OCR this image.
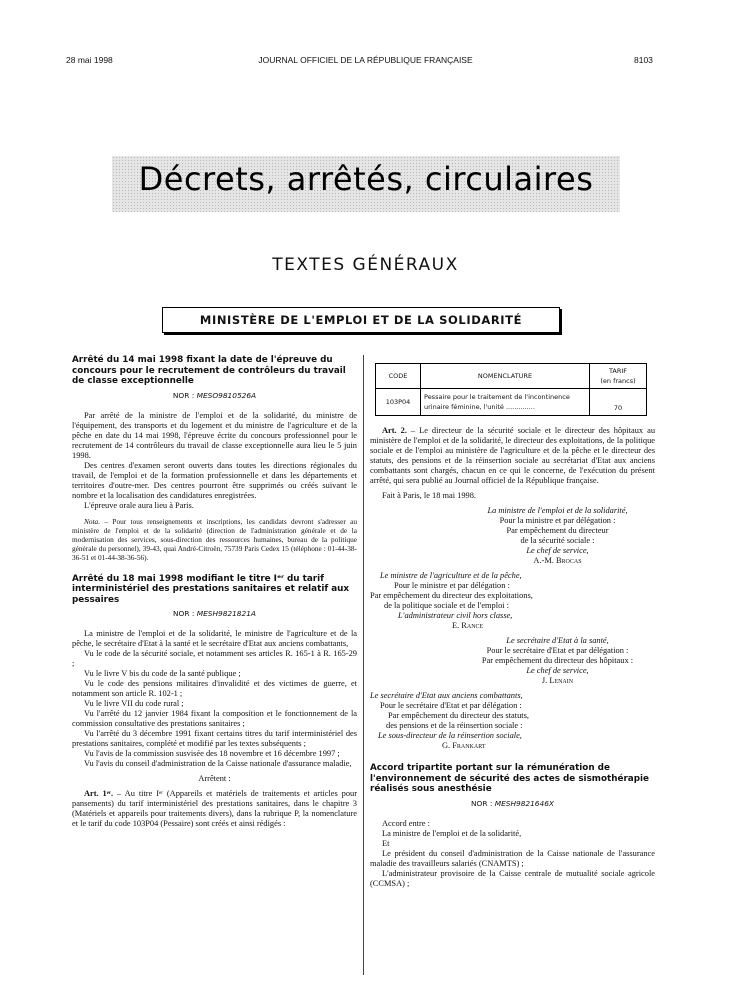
28 mai 1998	JOURNAL OFFICIEL DE LA RÉPUBLIQUE FRANÇAISE	8103
Décrets, arrêtés, circulaires
TEXTES GÉNÉRAUX
MINISTÈRE DE L'EMPLOI ET DE LA SOLIDARITÉ
Arrêté du 14 mai 1998 fixant la date de l'épreuve du concours pour le recrutement de contrôleurs du travail de classe exceptionnelle
NOR : MESO9810526A

Par arrêté de la ministre de l'emploi et de la solidarité, du ministre de l'équipement, des transports et du logement et du ministre de l'agriculture et de la pêche en date du 14 mai 1998, l'épreuve écrite du concours professionnel pour le recrutement de 14 contrôleurs du travail de classe exceptionnelle aura lieu le 5 juin 1998.

Des centres d'examen seront ouverts dans toutes les directions régionales du travail, de l'emploi et de la formation professionnelle et dans les départements et territoires d'outre-mer. Des centres pourront être supprimés ou créés suivant le nombre et la localisation des candidatures enregistrées.

L'épreuve orale aura lieu à Paris.

Nota. – Pour tous renseignements et inscriptions, les candidats devront s'adresser au ministère de l'emploi et de la solidarité (direction de l'administration générale et de la modernisation des services, sous-direction des ressources humaines, bureau de la politique générale du personnel), 39-43, quai André-Citroën, 75739 Paris Cedex 15 (téléphone : 01-44-38-36-51 et 01-44-38-36-56).

Arrêté du 18 mai 1998 modifiant le titre Iᵉʳ du tarif interministériel des prestations sanitaires et relatif aux pessaires
NOR : MESH9821821A

La ministre de l'emploi et de la solidarité, le ministre de l'agriculture et de la pêche, le secrétaire d'Etat à la santé et le secrétaire d'Etat aux anciens combattants,

Vu le code de la sécurité sociale, et notamment ses articles R. 165-1 à R. 165-29 ;

Vu le livre V bis du code de la santé publique ;

Vu le code des pensions militaires d'invalidité et des victimes de guerre, et notamment son article R. 102-1 ;

Vu le livre VII du code rural ;

Vu l'arrêté du 12 janvier 1984 fixant la composition et le fonctionnement de la commission consultative des prestations sanitaires ;

Vu l'arrêté du 3 décembre 1991 fixant certains titres du tarif interministériel des prestations sanitaires, complété et modifié par les textes subséquents ;

Vu l'avis de la commission susvisée des 18 novembre et 16 décembre 1997 ;

Vu l'avis du conseil d'administration de la Caisse nationale d'assurance maladie,

Arrêtent :

Art. 1ᵉʳ. – Au titre Iᵉʳ (Appareils et matériels de traitements et articles pour pansements) du tarif interministériel des prestations sanitaires, dans le chapitre 3 (Matériels et appareils pour traitements divers), dans la rubrique P, la nomenclature et le tarif du code 103P04 (Pessaire) sont créés et ainsi rédigés :

CODE	NOMENCLATURE	TARIF
(en francs)
103P04	Pessaire pour le traitement de l'incontinence urinaire féminine, l'unité ..............	70

Art. 2. – Le directeur de la sécurité sociale et le directeur des hôpitaux au ministère de l'emploi et de la solidarité, le directeur des exploitations, de la politique sociale et de l'emploi au ministère de l'agriculture et de la pêche et le directeur des statuts, des pensions et de la réinsertion sociale au secrétariat d'Etat aux anciens combattants sont chargés, chacun en ce qui le concerne, de l'exécution du présent arrêté, qui sera publié au Journal officiel de la République française.

Fait à Paris, le 18 mai 1998.

La ministre de l'emploi et de la solidarité,
Pour la ministre et par délégation :
Par empêchement du directeur
de la sécurité sociale :
Le chef de service,
A.-M. Brocas
Le ministre de l'agriculture et de la pêche,
Pour le ministre et par délégation :
Par empêchement du directeur des exploitations,
de la politique sociale et de l'emploi :
L'administrateur civil hors classe,
E. Rance
Le secrétaire d'Etat à la santé,
Pour le secrétaire d'Etat et par délégation :
Par empêchement du directeur des hôpitaux :
Le chef de service,
J. Lenain
Le secrétaire d'Etat aux anciens combattants,
Pour le secrétaire d'Etat et par délégation :
Par empêchement du directeur des statuts,
des pensions et de la réinsertion sociale :
Le sous-directeur de la réinsertion sociale,
G. Frankart
Accord tripartite portant sur la rémunération de l'environnement de sécurité des actes de sismothérapie réalisés sous anesthésie
NOR : MESH9821646X

Accord entre :

La ministre de l'emploi et de la solidarité,

Et

Le président du conseil d'administration de la Caisse nationale de l'assurance maladie des travailleurs salariés (CNAMTS) ;

L'administrateur provisoire de la Caisse centrale de mutualité sociale agricole (CCMSA) ;
